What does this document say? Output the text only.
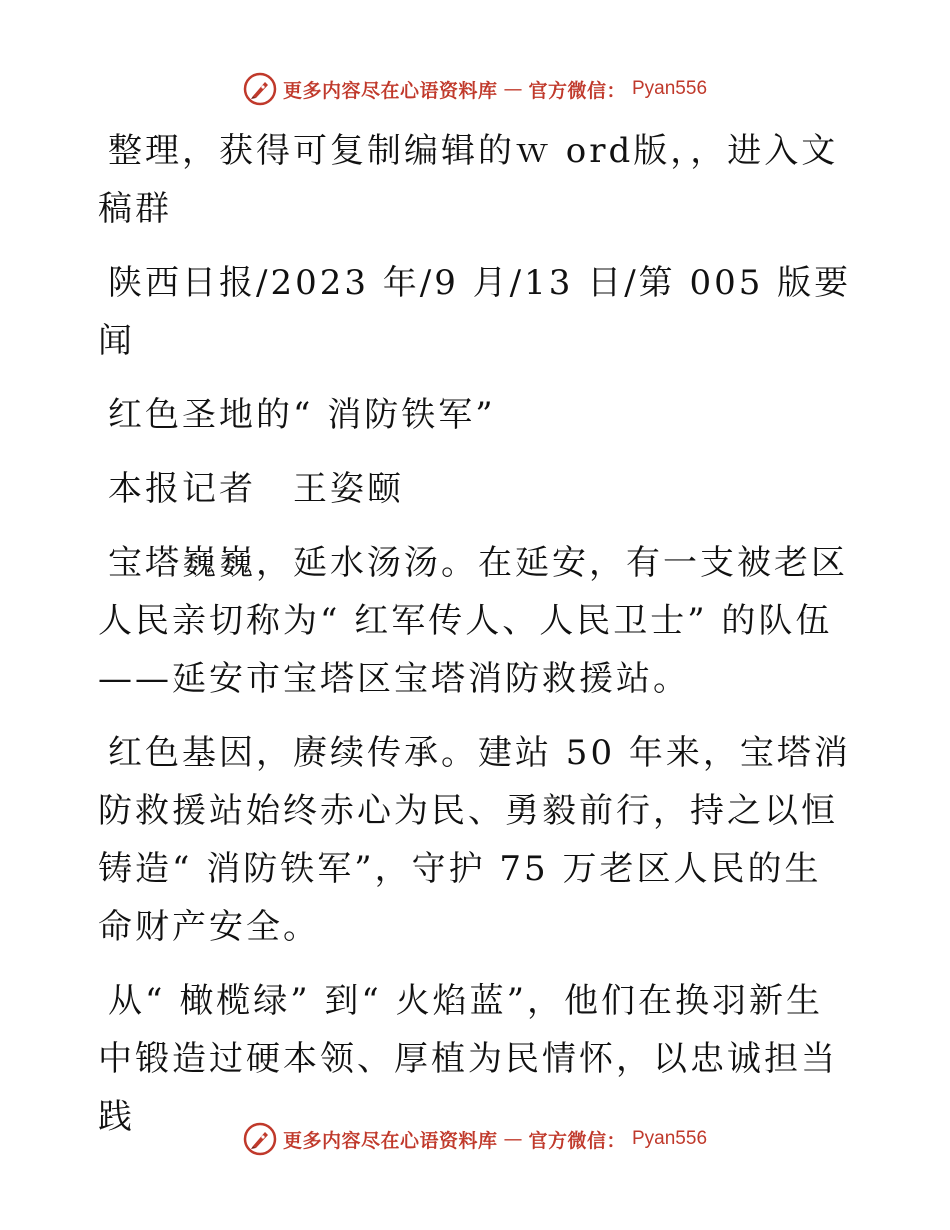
更多内容尽在心语资料库 — 官方微信： Pyan556

整理，获得可复制编辑的ｗ ord版，，进入文稿群

陕西日报/2023 年/9 月/13 日/第 005 版要闻

红色圣地的“ 消防铁军”

本报记者　王姿颐

宝塔巍巍，延水汤汤。在延安，有一支被老区人民亲切称为“ 红军传人、人民卫士” 的队伍——延安市宝塔区宝塔消防救援站。

红色基因，赓续传承。建站 50 年来，宝塔消防救援站始终赤心为民、勇毅前行，持之以恒铸造“ 消防铁军”，守护 75 万老区人民的生命财产安全。

从“ 橄榄绿” 到“ 火焰蓝”，他们在换羽新生中锻造过硬本领、厚植为民情怀，以忠诚担当践

更多内容尽在心语资料库 — 官方微信： Pyan556
